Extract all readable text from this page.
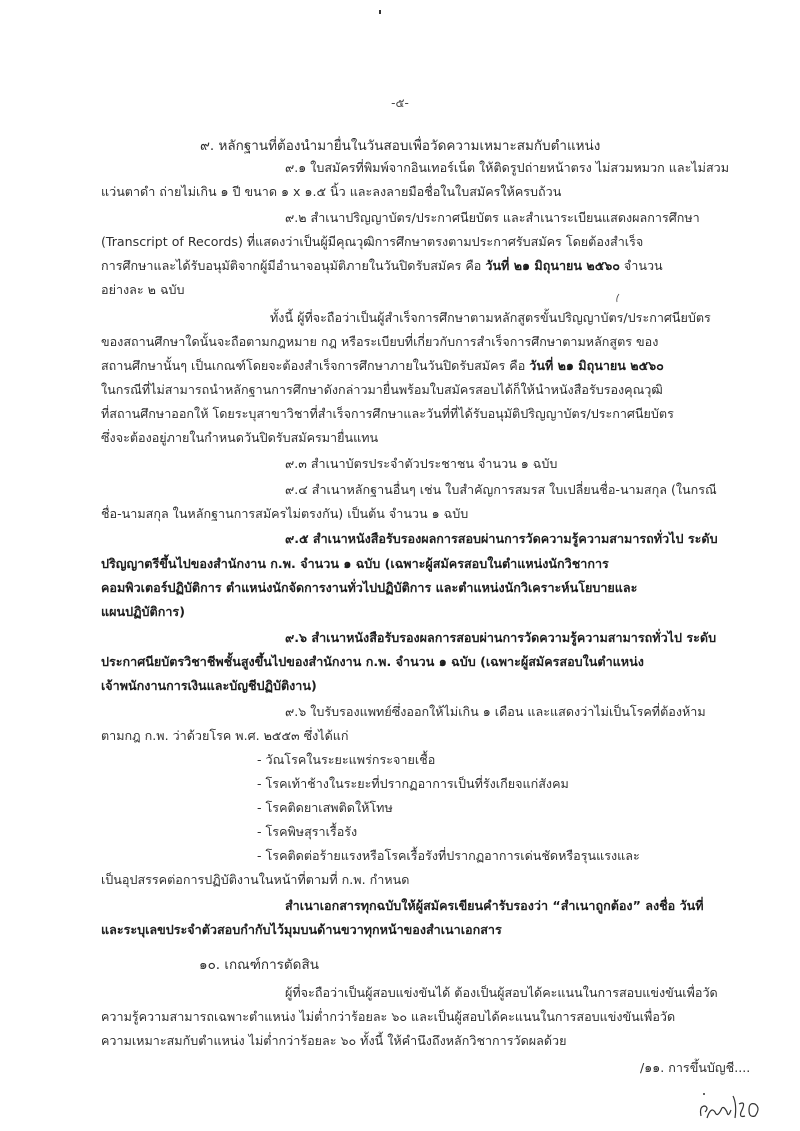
-๕-
๙. หลักฐานที่ต้องนำมายื่นในวันสอบเพื่อวัดความเหมาะสมกับตำแหน่ง
๙.๑ ใบสมัครที่พิมพ์จากอินเทอร์เน็ต ให้ติดรูปถ่ายหน้าตรง ไม่สวมหมวก และไม่สวม
แว่นตาดำ ถ่ายไม่เกิน ๑ ปี ขนาด ๑ x ๑.๕ นิ้ว และลงลายมือชื่อในใบสมัครให้ครบถ้วน
๙.๒ สำเนาปริญญาบัตร/ประกาศนียบัตร และสำเนาระเบียนแสดงผลการศึกษา
(Transcript of Records) ที่แสดงว่าเป็นผู้มีคุณวุฒิการศึกษาตรงตามประกาศรับสมัคร โดยต้องสำเร็จ
การศึกษาและได้รับอนุมัติจากผู้มีอำนาจอนุมัติภายในวันปิดรับสมัคร คือ วันที่ ๒๑ มิถุนายน ๒๕๖๐ จำนวน
อย่างละ ๒ ฉบับ
ทั้งนี้ ผู้ที่จะถือว่าเป็นผู้สำเร็จการศึกษาตามหลักสูตรขั้นปริญญาบัตร/ประกาศนียบัตร
ของสถานศึกษาใดนั้นจะถือตามกฎหมาย กฎ หรือระเบียบที่เกี่ยวกับการสำเร็จการศึกษาตามหลักสูตร ของ
สถานศึกษานั้นๆ เป็นเกณฑ์โดยจะต้องสำเร็จการศึกษาภายในวันปิดรับสมัคร คือ วันที่ ๒๑ มิถุนายน ๒๕๖๐
ในกรณีที่ไม่สามารถนำหลักฐานการศึกษาดังกล่าวมายื่นพร้อมใบสมัครสอบได้ก็ให้นำหนังสือรับรองคุณวุฒิ
ที่สถานศึกษาออกให้ โดยระบุสาขาวิชาที่สำเร็จการศึกษาและวันที่ที่ได้รับอนุมัติปริญญาบัตร/ประกาศนียบัตร
ซึ่งจะต้องอยู่ภายในกำหนดวันปิดรับสมัครมายื่นแทน
๙.๓ สำเนาบัตรประจำตัวประชาชน จำนวน ๑ ฉบับ
๙.๔ สำเนาหลักฐานอื่นๆ เช่น ใบสำคัญการสมรส ใบเปลี่ยนชื่อ-นามสกุล (ในกรณี
ชื่อ-นามสกุล ในหลักฐานการสมัครไม่ตรงกัน) เป็นต้น จำนวน ๑ ฉบับ
๙.๕ สำเนาหนังสือรับรองผลการสอบผ่านการวัดความรู้ความสามารถทั่วไป ระดับ
ปริญญาตรีขึ้นไปของสำนักงาน ก.พ. จำนวน ๑ ฉบับ (เฉพาะผู้สมัครสอบในตำแหน่งนักวิชาการ
คอมพิวเตอร์ปฏิบัติการ ตำแหน่งนักจัดการงานทั่วไปปฏิบัติการ และตำแหน่งนักวิเคราะห์นโยบายและ
แผนปฏิบัติการ)
๙.๖ สำเนาหนังสือรับรองผลการสอบผ่านการวัดความรู้ความสามารถทั่วไป ระดับ
ประกาศนียบัตรวิชาชีพชั้นสูงขึ้นไปของสำนักงาน ก.พ. จำนวน ๑ ฉบับ (เฉพาะผู้สมัครสอบในตำแหน่ง
เจ้าพนักงานการเงินและบัญชีปฏิบัติงาน)
๙.๖ ใบรับรองแพทย์ซึ่งออกให้ไม่เกิน ๑ เดือน และแสดงว่าไม่เป็นโรคที่ต้องห้าม
ตามกฎ ก.พ. ว่าด้วยโรค พ.ศ. ๒๕๕๓ ซึ่งได้แก่
- วัณโรคในระยะแพร่กระจายเชื้อ
- โรคเท้าช้างในระยะที่ปรากฏอาการเป็นที่รังเกียจแก่สังคม
- โรคติดยาเสพติดให้โทษ
- โรคพิษสุราเรื้อรัง
- โรคติดต่อร้ายแรงหรือโรคเรื้อรังที่ปรากฏอาการเด่นชัดหรือรุนแรงและ
เป็นอุปสรรคต่อการปฏิบัติงานในหน้าที่ตามที่ ก.พ. กำหนด
สำเนาเอกสารทุกฉบับให้ผู้สมัครเขียนคำรับรองว่า “สำเนาถูกต้อง” ลงชื่อ วันที่
และระบุเลขประจำตัวสอบกำกับไว้มุมบนด้านขวาทุกหน้าของสำเนาเอกสาร
๑๐. เกณฑ์การตัดสิน
ผู้ที่จะถือว่าเป็นผู้สอบแข่งขันได้ ต้องเป็นผู้สอบได้คะแนนในการสอบแข่งขันเพื่อวัด
ความรู้ความสามารถเฉพาะตำแหน่ง ไม่ต่ำกว่าร้อยละ ๖๐ และเป็นผู้สอบได้คะแนนในการสอบแข่งขันเพื่อวัด
ความเหมาะสมกับตำแหน่ง ไม่ต่ำกว่าร้อยละ ๖๐ ทั้งนี้ ให้คำนึงถึงหลักวิชาการวัดผลด้วย
/๑๑. การขึ้นบัญชี....
